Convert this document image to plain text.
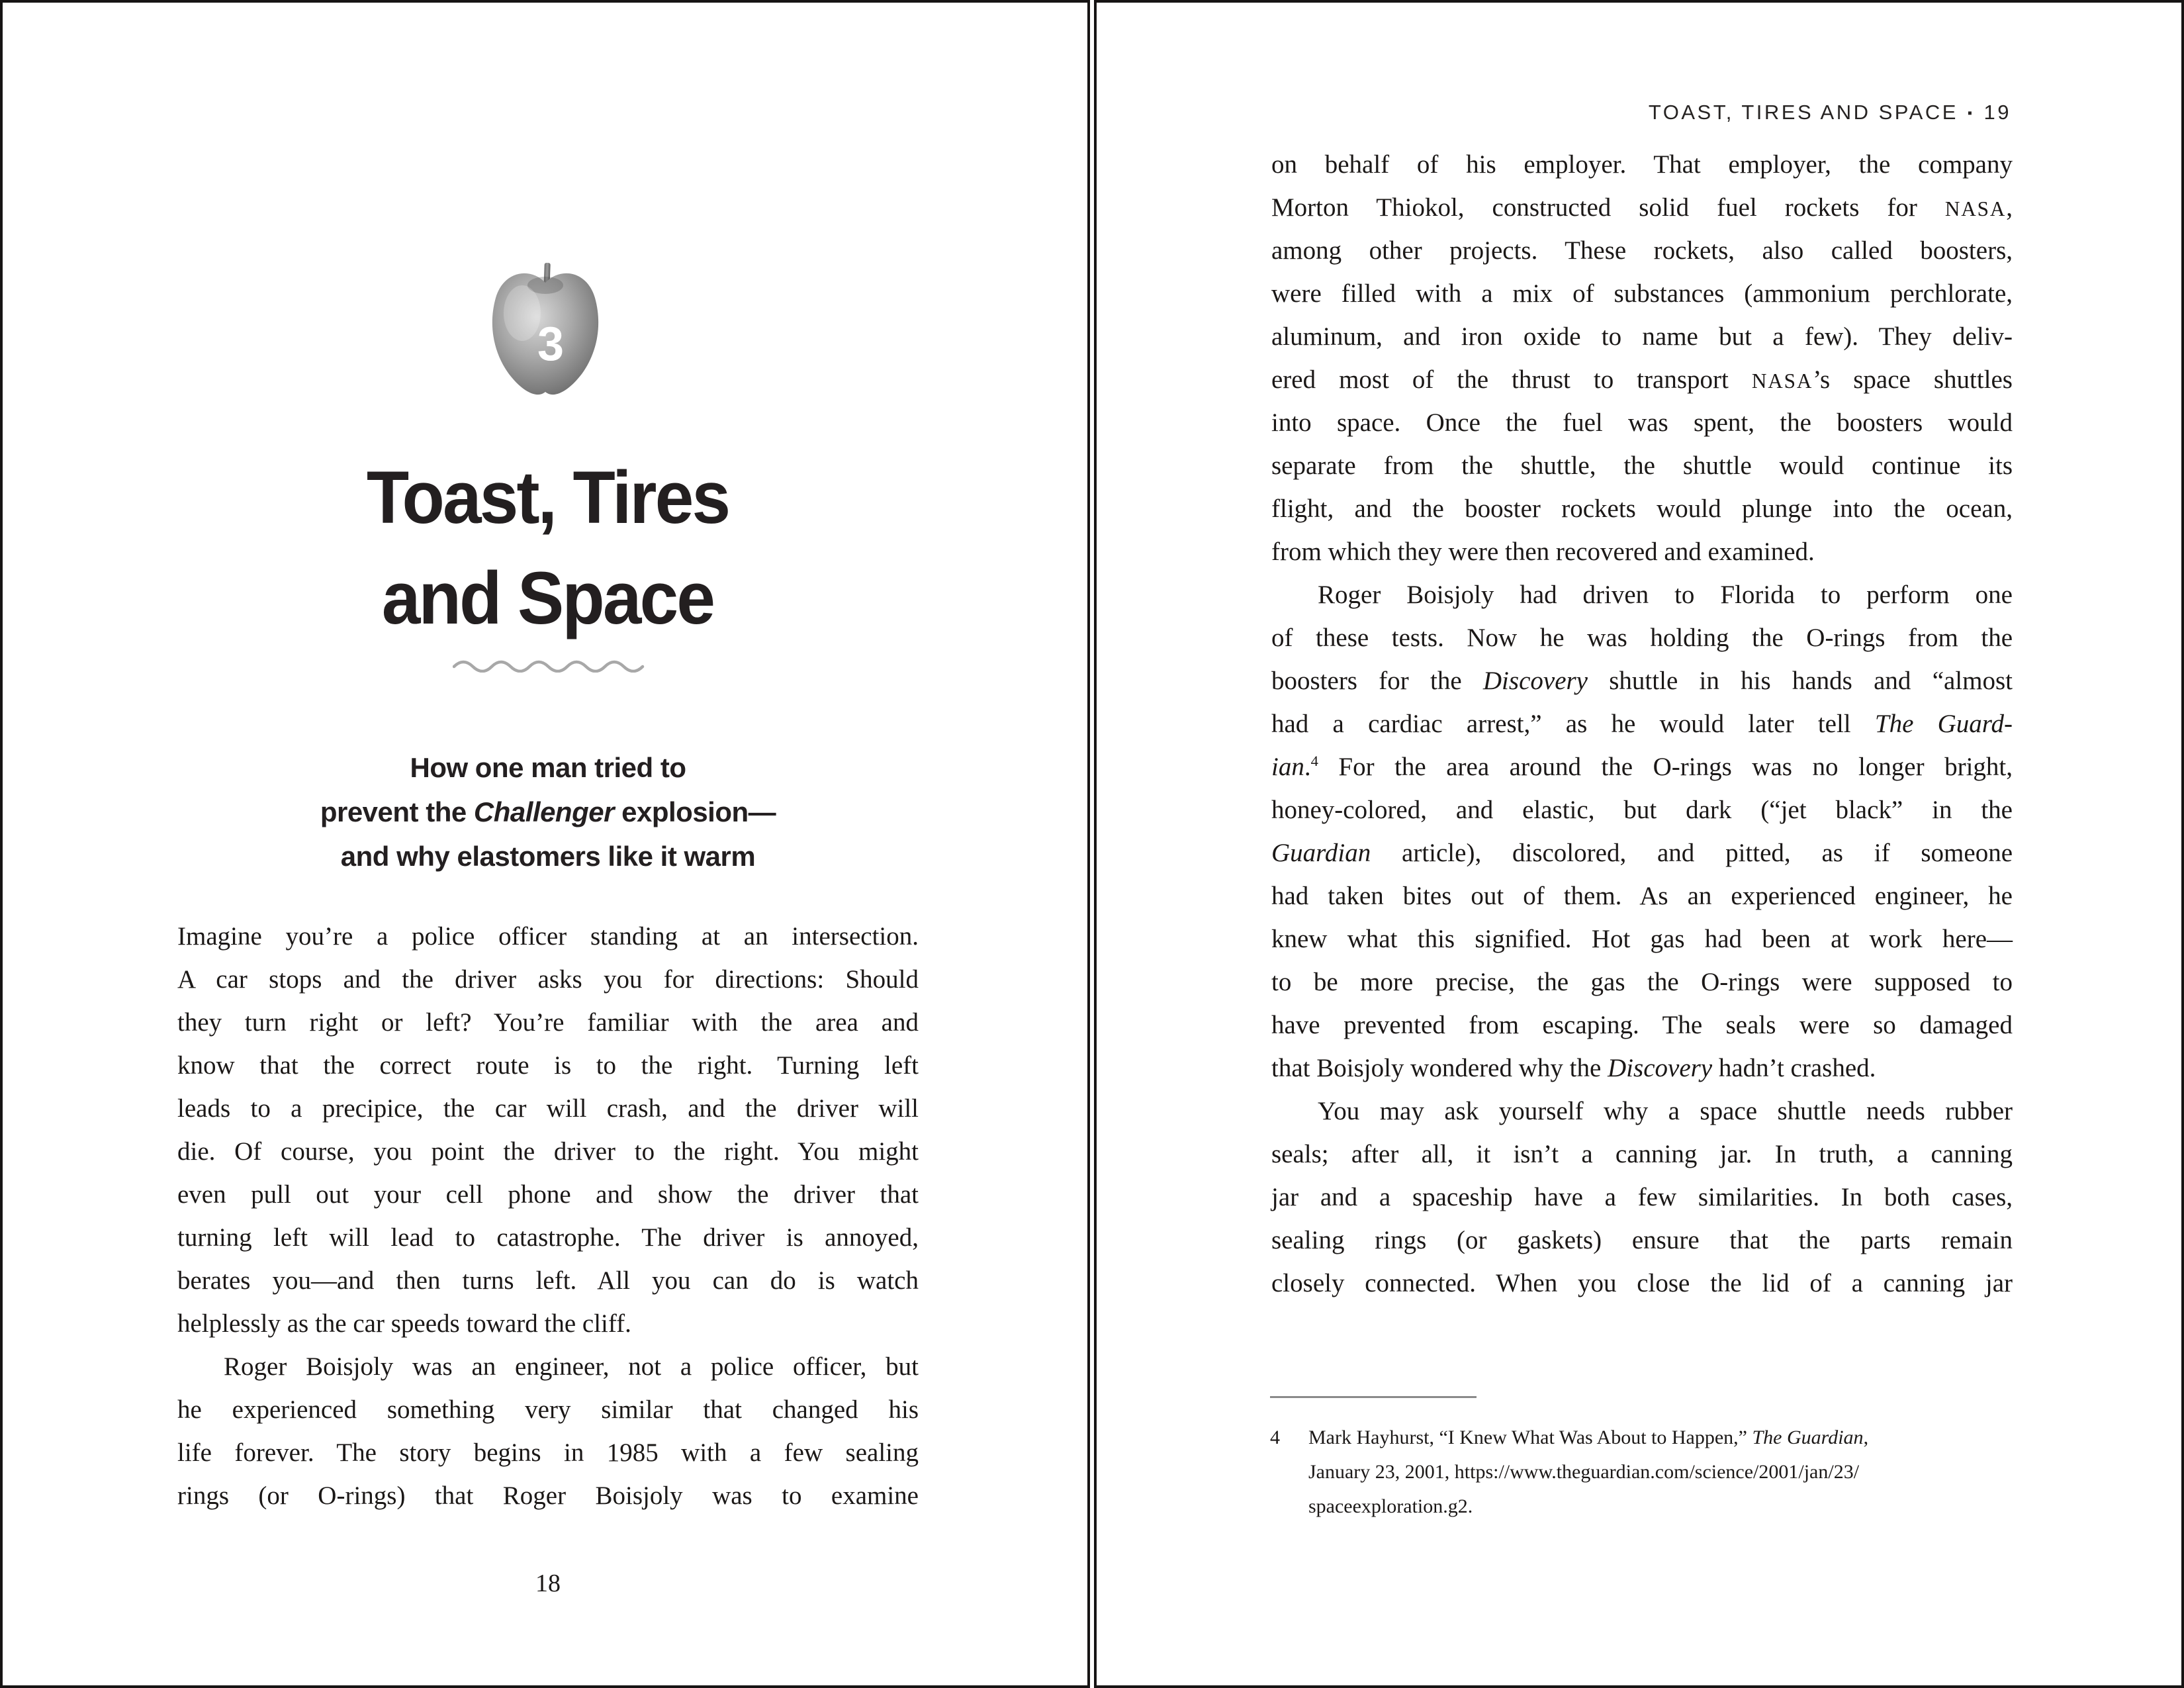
3
Toast, Tires
and Space
How one man tried to
prevent the Challenger explosion—
and why elastomers like it warm
Imagine you’re a police officer standing at an intersection.
A car stops and the driver asks you for directions: Should
they turn right or left? You’re familiar with the area and
know that the correct route is to the right. Turning left
leads to a precipice, the car will crash, and the driver will
die. Of course, you point the driver to the right. You might
even pull out your cell phone and show the driver that
turning left will lead to catastrophe. The driver is annoyed,
berates you—and then turns left. All you can do is watch
helplessly as the car speeds toward the cliff.
Roger Boisjoly was an engineer, not a police officer, but
he experienced something very similar that changed his
life forever. The story begins in 1985 with a few sealing
rings (or O-rings) that Roger Boisjoly was to examine
18
TOAST, TIRES AND SPACE ▪ 19
on behalf of his employer. That employer, the company
Morton Thiokol, constructed solid fuel rockets for NASA,
among other projects. These rockets, also called boosters,
were filled with a mix of substances (ammonium perchlorate,
aluminum, and iron oxide to name but a few). They deliv-
ered most of the thrust to transport NASA’s space shuttles
into space. Once the fuel was spent, the boosters would
separate from the shuttle, the shuttle would continue its
flight, and the booster rockets would plunge into the ocean,
from which they were then recovered and examined.
Roger Boisjoly had driven to Florida to perform one
of these tests. Now he was holding the O-rings from the
boosters for the Discovery shuttle in his hands and “almost
had a cardiac arrest,” as he would later tell The Guard-
ian.$^4$ For the area around the O-rings was no longer bright,
honey-colored, and elastic, but dark (“jet black” in the
Guardian article), discolored, and pitted, as if someone
had taken bites out of them. As an experienced engineer, he
knew what this signified. Hot gas had been at work here—
to be more precise, the gas the O-rings were supposed to
have prevented from escaping. The seals were so damaged
that Boisjoly wondered why the Discovery hadn’t crashed.
You may ask yourself why a space shuttle needs rubber
seals; after all, it isn’t a canning jar. In truth, a canning
jar and a spaceship have a few similarities. In both cases,
sealing rings (or gaskets) ensure that the parts remain
closely connected. When you close the lid of a canning jar
4	Mark Hayhurst, “I Knew What Was About to Happen,” The Guardian,
January 23, 2001, https://www.theguardian.com/science/2001/jan/23/
spaceexploration.g2.
